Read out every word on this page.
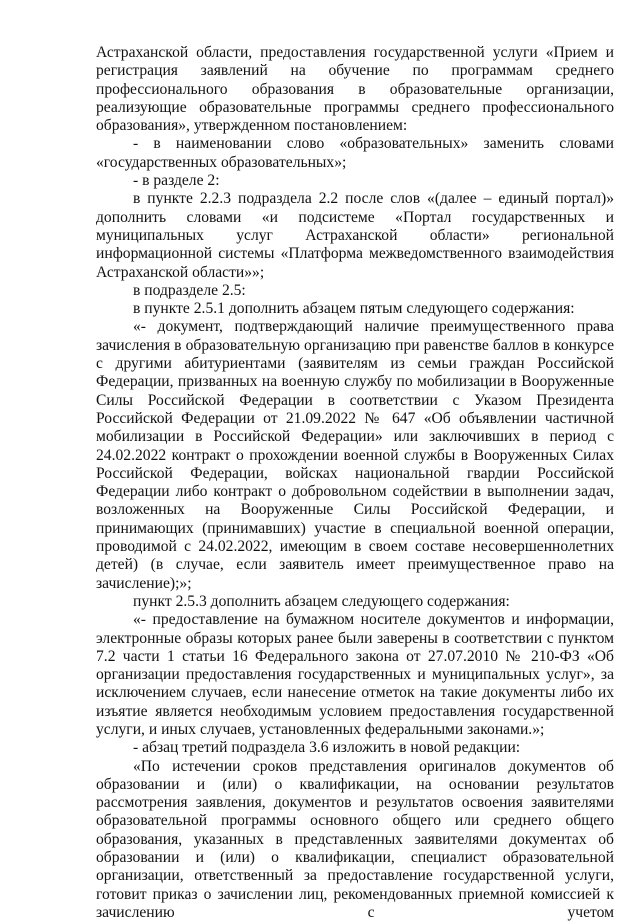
Астраханской области, предоставления государственной услуги «Прием и регистрация заявлений на обучение по программам среднего профессионального образования в образовательные организации, реализующие образовательные программы среднего профессионального образования», утвержденном постановлением:

- в наименовании слово «образовательных» заменить словами «государственных образовательных»;

- в разделе 2:

в пункте 2.2.3 подраздела 2.2 после слов «(далее – единый портал)» дополнить словами «и подсистеме «Портал государственных и муниципальных услуг Астраханской области» региональной информационной системы «Платформа межведомственного взаимодействия Астраханской области»»;

в подразделе 2.5:

в пункте 2.5.1 дополнить абзацем пятым следующего содержания:

«- документ, подтверждающий наличие преимущественного права зачисления в образовательную организацию при равенстве баллов в конкурсе с другими абитуриентами (заявителям из семьи граждан Российской Федерации, призванных на военную службу по мобилизации в Вооруженные Силы Российской Федерации в соответствии с Указом Президента Российской Федерации от 21.09.2022 № 647 «Об объявлении частичной мобилизации в Российской Федерации» или заключивших в период с 24.02.2022 контракт о прохождении военной службы в Вооруженных Силах Российской Федерации, войсках национальной гвардии Российской Федерации либо контракт о добровольном содействии в выполнении задач, возложенных на Вооруженные Силы Российской Федерации, и принимающих (принимавших) участие в специальной военной операции, проводимой с 24.02.2022, имеющим в своем составе несовершеннолетних детей) (в случае, если заявитель имеет преимущественное право на зачисление);»;

пункт 2.5.3 дополнить абзацем следующего содержания:

«- предоставление на бумажном носителе документов и информации, электронные образы которых ранее были заверены в соответствии с пунктом 7.2 части 1 статьи 16 Федерального закона от 27.07.2010 № 210-ФЗ «Об организации предоставления государственных и муниципальных услуг», за исключением случаев, если нанесение отметок на такие документы либо их изъятие является необходимым условием предоставления государственной услуги, и иных случаев, установленных федеральными законами.»;

- абзац третий подраздела 3.6 изложить в новой редакции:

«По истечении сроков представления оригиналов документов об образовании и (или) о квалификации, на основании результатов рассмотрения заявления, документов и результатов освоения заявителями образовательной программы основного общего или среднего общего образования, указанных в представленных заявителями документах об образовании и (или) о квалификации, специалист образовательной организации, ответственный за предоставление государственной услуги, готовит приказ о зачислении лиц, рекомендованных приемной комиссией к зачислению с учетом
